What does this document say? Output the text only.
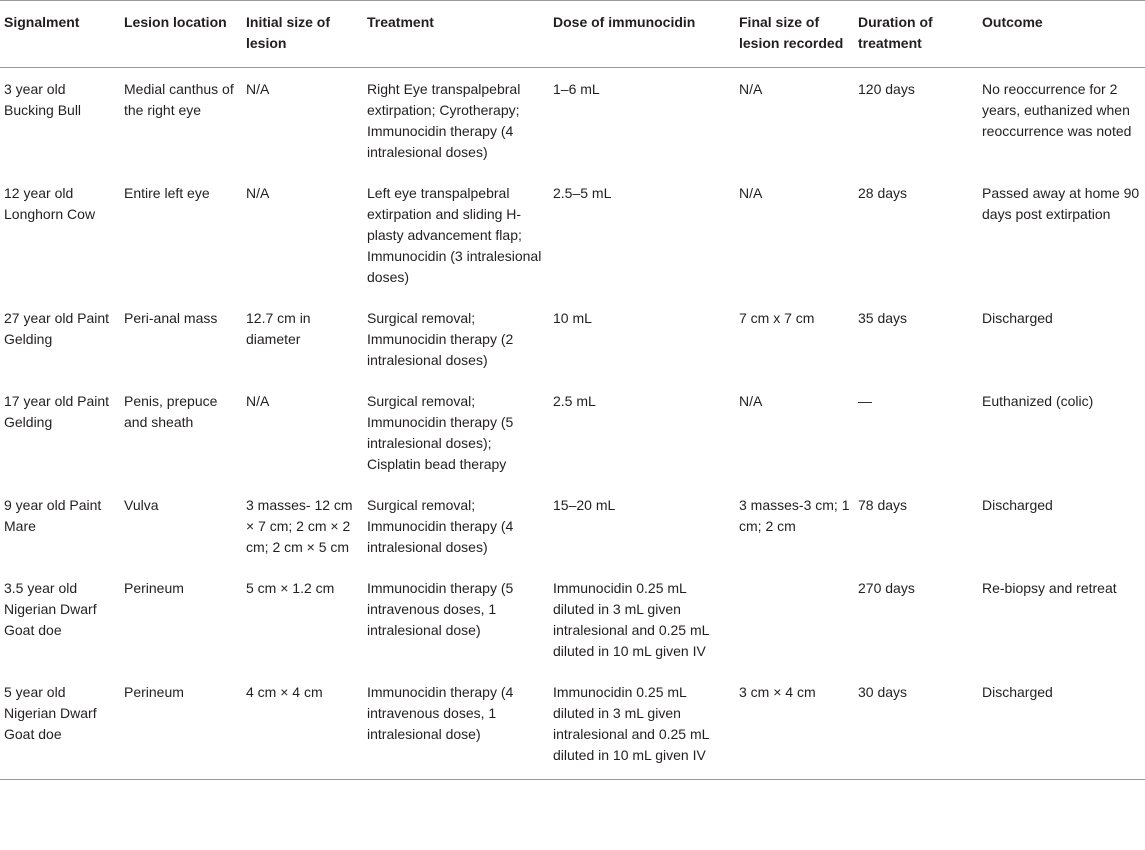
Signalment	Lesion location	Initial size of lesion	Treatment	Dose of immunocidin	Final size of lesion recorded	Duration of treatment	Outcome
3 year old Bucking Bull	Medial canthus of the right eye	N/A	Right Eye transpalpebral extirpation; Cyrotherapy; Immunocidin therapy (4 intralesional doses)	1–6 mL	N/A	120 days	No reoccurrence for 2 years, euthanized when reoccurrence was noted
12 year old Longhorn Cow	Entire left eye	N/A	Left eye transpalpebral extirpation and sliding H-plasty advancement flap; Immunocidin (3 intralesional doses)	2.5–5 mL	N/A	28 days	Passed away at home 90 days post extirpation
27 year old Paint Gelding	Peri-anal mass	12.7 cm in diameter	Surgical removal; Immunocidin therapy (2 intralesional doses)	10 mL	7 cm x 7 cm	35 days	Discharged
17 year old Paint Gelding	Penis, prepuce and sheath	N/A	Surgical removal; Immunocidin therapy (5 intralesional doses); Cisplatin bead therapy	2.5 mL	N/A	—	Euthanized (colic)
9 year old Paint Mare	Vulva	3 masses- 12 cm × 7 cm; 2 cm × 2 cm; 2 cm × 5 cm	Surgical removal; Immunocidin therapy (4 intralesional doses)	15–20 mL	3 masses-3 cm; 1 cm; 2 cm	78 days	Discharged
3.5 year old Nigerian Dwarf Goat doe	Perineum	5 cm × 1.2 cm	Immunocidin therapy (5 intravenous doses, 1 intralesional dose)	Immunocidin 0.25 mL diluted in 3 mL given intralesional and 0.25 mL diluted in 10 mL given IV		270 days	Re-biopsy and retreat
5 year old Nigerian Dwarf Goat doe	Perineum	4 cm × 4 cm	Immunocidin therapy (4 intravenous doses, 1 intralesional dose)	Immunocidin 0.25 mL diluted in 3 mL given intralesional and 0.25 mL diluted in 10 mL given IV	3 cm × 4 cm	30 days	Discharged
